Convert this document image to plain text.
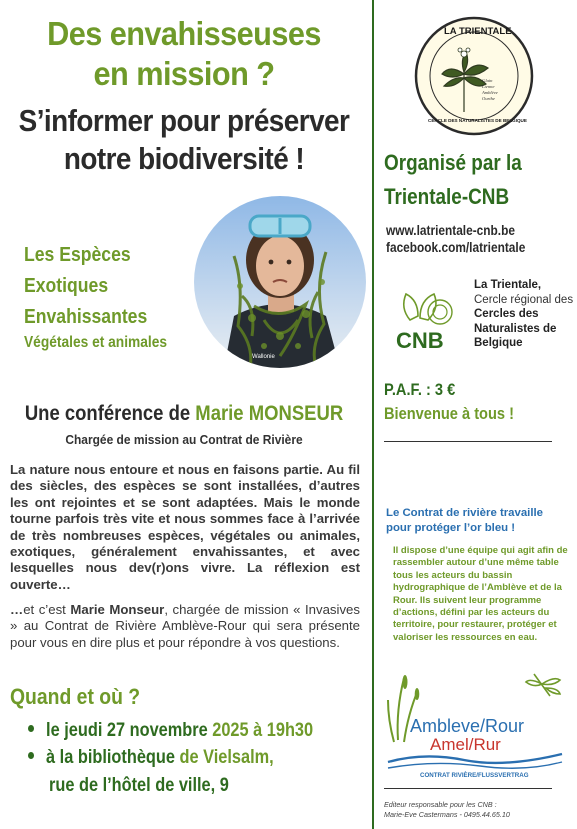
Des envahisseuses
en mission ?
S’informer pour préserver
notre biodiversité !
Les Espèces
Exotiques
Envahissantes
Végétales et animales
Wallonie
Une conférence de Marie MONSEUR
Chargée de mission au Contrat de Rivière
La nature nous entoure et nous en faisons partie. Au fil des siècles, des espèces se sont installées, d’autres les ont rejointes et se sont adaptées. Mais le monde tourne parfois très vite et nous sommes face à l’arrivée de très nombreuses espèces, végétales ou animales, exotiques, généralement envahissantes, et avec lesquelles nous dev(r)ons vivre. La réflexion est ouverte…
…et c’est Marie Monseur, chargée de mission « Invasives » au Contrat de Rivière Amblève-Rour qui sera présente pour vous en dire plus et pour répondre à vos questions.
Quand et où ?
le jeudi 27 novembre 2025 à 19h30
à la bibliothèque de Vielsalm,
rue de l’hôtel de ville, 9
LA TRIENTALE
CERCLE DES NATURALISTES DE BELGIQUE
Glain
Lienne
Amblève
Ourthe
Organisé par la
Trientale-CNB
www.latrientale-cnb.be
facebook.com/latrientale
CNB
La Trientale,
Cercle régional des
Cercles des Naturalistes de Belgique
P.A.F. : 3 €
Bienvenue à tous !
Le Contrat de rivière travaille pour protéger l’or bleu !
Il dispose d’une équipe qui agit afin de rassembler autour d’une même table tous les acteurs du bassin hydrographique de l’Amblève et de la Rour. Ils suivent leur programme d’actions, défini par les acteurs du territoire, pour restaurer, protéger et valoriser les ressources en eau.
Ambleve/Rour
Amel/Rur
CONTRAT RIVIÈRE/FLUSSVERTRAG
Editeur responsable pour les CNB :
Marie-Eve Castermans - 0495.44.65.10
